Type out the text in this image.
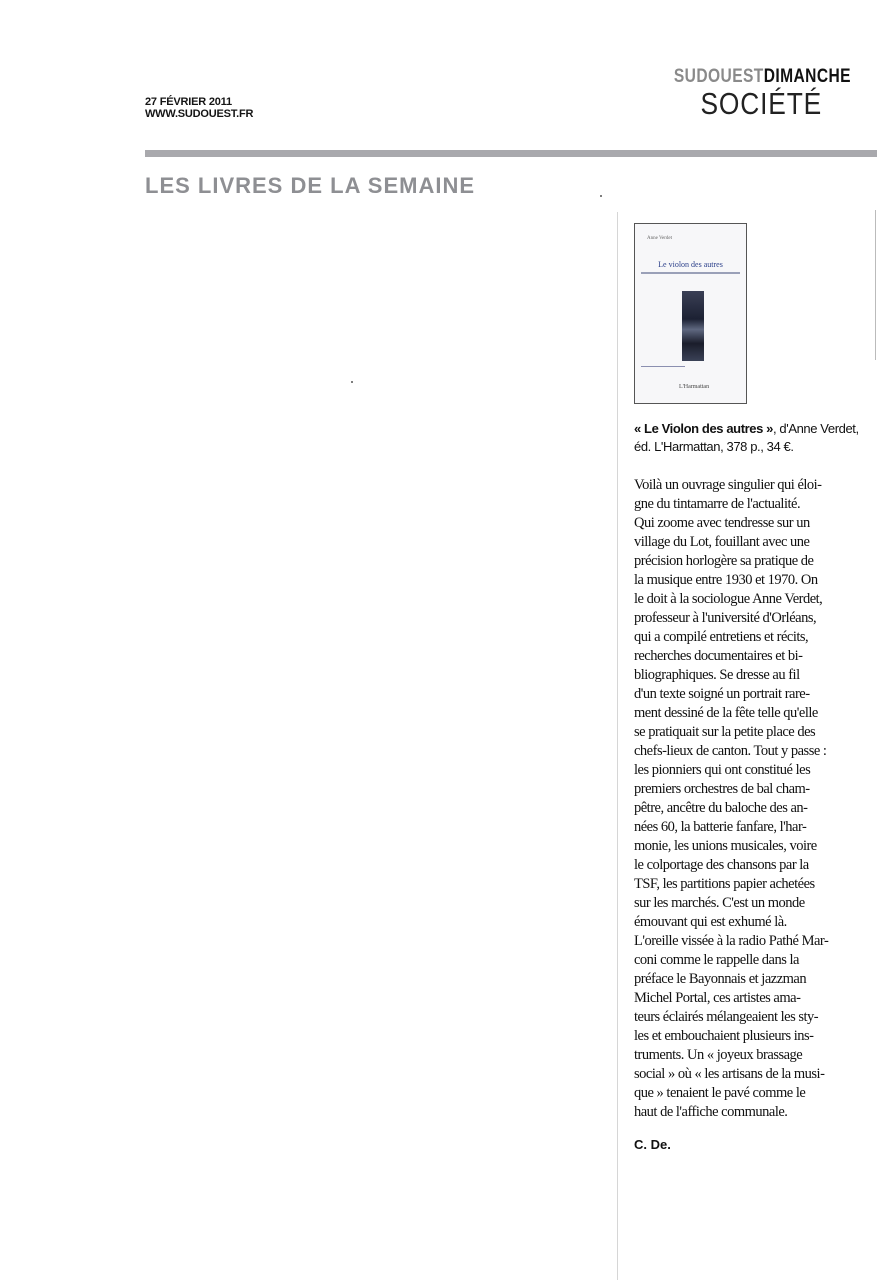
27 FÉVRIER 2011
WWW.SUDOUEST.FR
SUDOUESTDIMANCHE
SOCIÉTÉ
LES LIVRES DE LA SEMAINE
Anne Verdet
Le violon des autres
L'Harmattan
« Le Violon des autres », d'Anne Verdet, éd. L'Harmattan, 378 p., 34 €.
Voilà un ouvrage singulier qui éloi-
gne du tintamarre de l'actualité.
Qui zoome avec tendresse sur un
village du Lot, fouillant avec une
précision horlogère sa pratique de
la musique entre 1930 et 1970. On
le doit à la sociologue Anne Verdet,
professeur à l'université d'Orléans,
qui a compilé entretiens et récits,
recherches documentaires et bi-
bliographiques. Se dresse au fil
d'un texte soigné un portrait rare-
ment dessiné de la fête telle qu'elle
se pratiquait sur la petite place des
chefs-lieux de canton. Tout y passe :
les pionniers qui ont constitué les
premiers orchestres de bal cham-
pêtre, ancêtre du baloche des an-
nées 60, la batterie fanfare, l'har-
monie, les unions musicales, voire
le colportage des chansons par la
TSF, les partitions papier achetées
sur les marchés. C'est un monde
émouvant qui est exhumé là.
L'oreille vissée à la radio Pathé Mar-
coni comme le rappelle dans la
préface le Bayonnais et jazzman
Michel Portal, ces artistes ama-
teurs éclairés mélangeaient les sty-
les et embouchaient plusieurs ins-
truments. Un « joyeux brassage
social » où « les artisans de la musi-
que » tenaient le pavé comme le
haut de l'affiche communale.
C. De.
